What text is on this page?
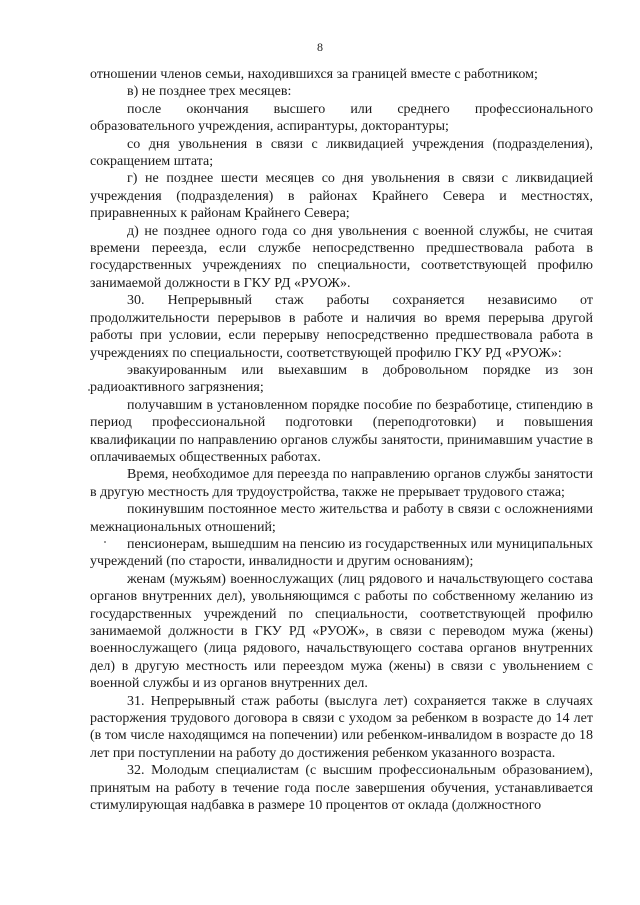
8

отношении членов семьи, находившихся за границей вместе с работником;

в) не позднее трех месяцев:

после окончания высшего или среднего профессионального образовательного учреждения, аспирантуры, докторантуры;

со дня увольнения в связи с ликвидацией учреждения (подразделения), сокращением штата;

г) не позднее шести месяцев со дня увольнения в связи с ликвидацией учреждения (подразделения) в районах Крайнего Севера и местностях, приравненных к районам Крайнего Севера;

д) не позднее одного года со дня увольнения с военной службы, не считая времени переезда, если службе непосредственно предшествовала работа в государственных учреждениях по специальности, соответствующей профилю занимаемой должности в ГКУ РД «РУОЖ».

30. Непрерывный стаж работы сохраняется независимо от продолжительности перерывов в работе и наличия во время перерыва другой работы при условии, если перерыву непосредственно предшествовала работа в учреждениях по специальности, соответствующей профилю ГКУ РД «РУОЖ»:

эвакуированным или выехавшим в добровольном порядке из зон радиоактивного загрязнения;

получавшим в установленном порядке пособие по безработице, стипендию в период профессиональной подготовки (переподготовки) и повышения квалификации по направлению органов службы занятости, принимавшим участие в оплачиваемых общественных работах.

Время, необходимое для переезда по направлению органов службы занятости в другую местность для трудоустройства, также не прерывает трудового стажа;

покинувшим постоянное место жительства и работу в связи с осложнениями межнациональных отношений;

пенсионерам, вышедшим на пенсию из государственных или муниципальных учреждений (по старости, инвалидности и другим основаниям);

женам (мужьям) военнослужащих (лиц рядового и начальствующего состава органов внутренних дел), увольняющимся с работы по собственному желанию из государственных учреждений по специальности, соответствующей профилю занимаемой должности в ГКУ РД «РУОЖ», в связи с переводом мужа (жены) военнослужащего (лица рядового, начальствующего состава органов внутренних дел) в другую местность или переездом мужа (жены) в связи с увольнением с военной службы и из органов внутренних дел.

31. Непрерывный стаж работы (выслуга лет) сохраняется также в случаях расторжения трудового договора в связи с уходом за ребенком в возрасте до 14 лет (в том числе находящимся на попечении) или ребенком-инвалидом в возрасте до 18 лет при поступлении на работу до достижения ребенком указанного возраста.

32. Молодым специалистам (с высшим профессиональным образованием), принятым на работу в течение года после завершения обучения, устанавливается стимулирующая надбавка в размере 10 процентов от оклада (должностного
